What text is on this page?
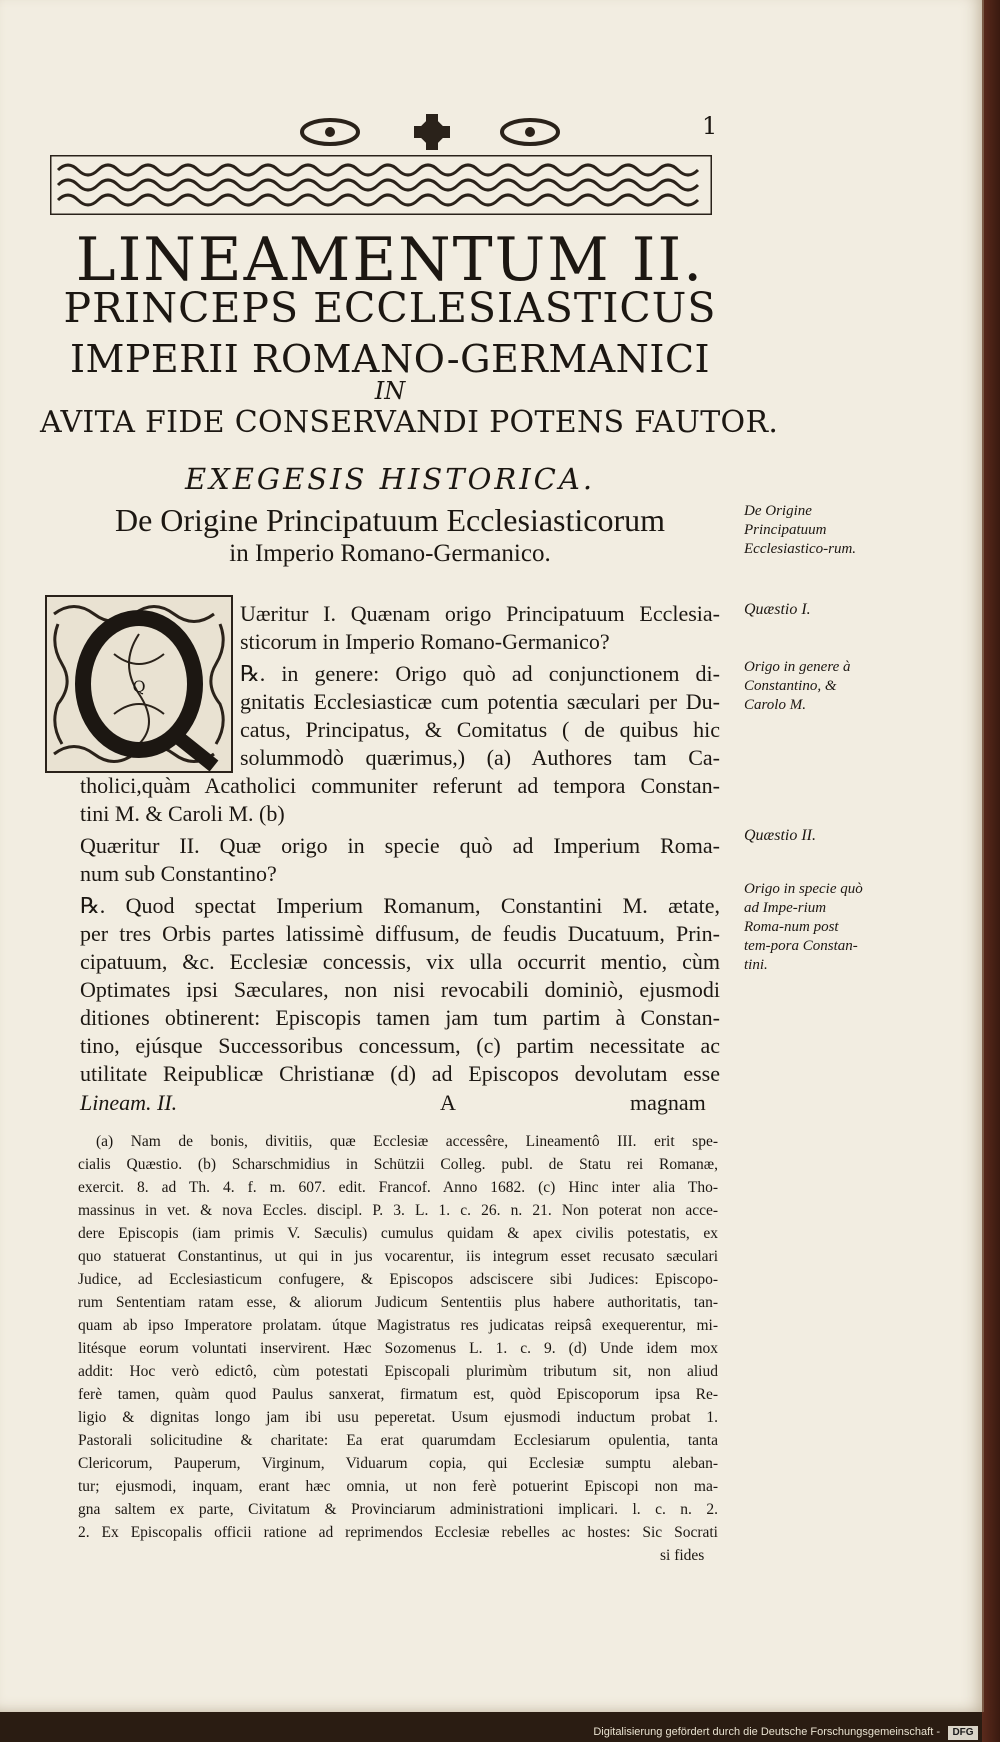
1
LINEAMENTUM II.
PRINCEPS ECCLESIASTICUS
IMPERII ROMANO-GERMANICI
IN
AVITA FIDE CONSERVANDI POTENS FAUTOR.
EXEGESIS HISTORICA.
De Origine Principatuum Ecclesiasticorum
in Imperio Romano-Germanico.
De Origine Principatuum Ecclesiastico-rum.
Quæstio I.
Origo in genere à Constantino, & Carolo M.
Quæstio II.
Origo in specie quò ad Impe-rium Roma-num post tem-pora Constan-tini.
Q
Uæritur I. Quænam origo Principatuum Ecclesia-
sticorum in Imperio Romano-Germanico?
℞. in genere: Origo quò ad conjunctionem di-
gnitatis Ecclesiasticæ cum potentia sæculari per Du-
catus, Principatus, & Comitatus ( de quibus hic
solummodò quærimus,) (a) Authores tam Ca-
tholici,quàm Acatholici communiter referunt ad tempora Constan-
tini M. & Caroli M. (b)
Quæritur II. Quæ origo in specie quò ad Imperium Roma-
num sub Constantino?
℞. Quod spectat Imperium Romanum, Constantini M. ætate,
per tres Orbis partes latissimè diffusum, de feudis Ducatuum, Prin-
cipatuum, &c. Ecclesiæ concessis, vix ulla occurrit mentio, cùm
Optimates ipsi Sæculares, non nisi revocabili dominiò, ejusmodi
ditiones obtinerent: Episcopis tamen jam tum partim à Constan-
tino, ejúsque Successoribus concessum, (c) partim necessitate ac
utilitate Reipublicæ Christianæ (d) ad Episcopos devolutam esse
Lineam. II.	A	magnam
(a) Nam de bonis, divitiis, quæ Ecclesiæ accessêre, Lineamentô III. erit spe-
cialis Quæstio. (b) Scharschmidius in Schützii Colleg. publ. de Statu rei Romanæ,
exercit. 8. ad Th. 4. f. m. 607. edit. Francof. Anno 1682. (c) Hinc inter alia Tho-
massinus in vet. & nova Eccles. discipl. P. 3. L. 1. c. 26. n. 21. Non poterat non acce-
dere Episcopis (iam primis V. Sæculis) cumulus quidam & apex civilis potestatis, ex
quo statuerat Constantinus, ut qui in jus vocarentur, iis integrum esset recusato sæculari
Judice, ad Ecclesiasticum confugere, & Episcopos adsciscere sibi Judices: Episcopo-
rum Sententiam ratam esse, & aliorum Judicum Sententiis plus habere authoritatis, tan-
quam ab ipso Imperatore prolatam. útque Magistratus res judicatas reipsâ exequerentur, mi-
litésque eorum voluntati inservirent. Hæc Sozomenus L. 1. c. 9. (d) Unde idem mox
addit: Hoc verò edictô, cùm potestati Episcopali plurimùm tributum sit, non aliud
ferè tamen, quàm quod Paulus sanxerat, firmatum est, quòd Episcoporum ipsa Re-
ligio & dignitas longo jam ibi usu peperetat. Usum ejusmodi inductum probat 1.
Pastorali solicitudine & charitate: Ea erat quarumdam Ecclesiarum opulentia, tanta
Clericorum, Pauperum, Virginum, Viduarum copia, qui Ecclesiæ sumptu aleban-
tur; ejusmodi, inquam, erant hæc omnia, ut non ferè potuerint Episcopi non ma-
gna saltem ex parte, Civitatum & Provinciarum administrationi implicari. l. c. n. 2.
2. Ex Episcopalis officii ratione ad reprimendos Ecclesiæ rebelles ac hostes: Sic Socrati
si fides
Digitalisierung gefördert durch die Deutsche Forschungsgemeinschaft -	DFG
